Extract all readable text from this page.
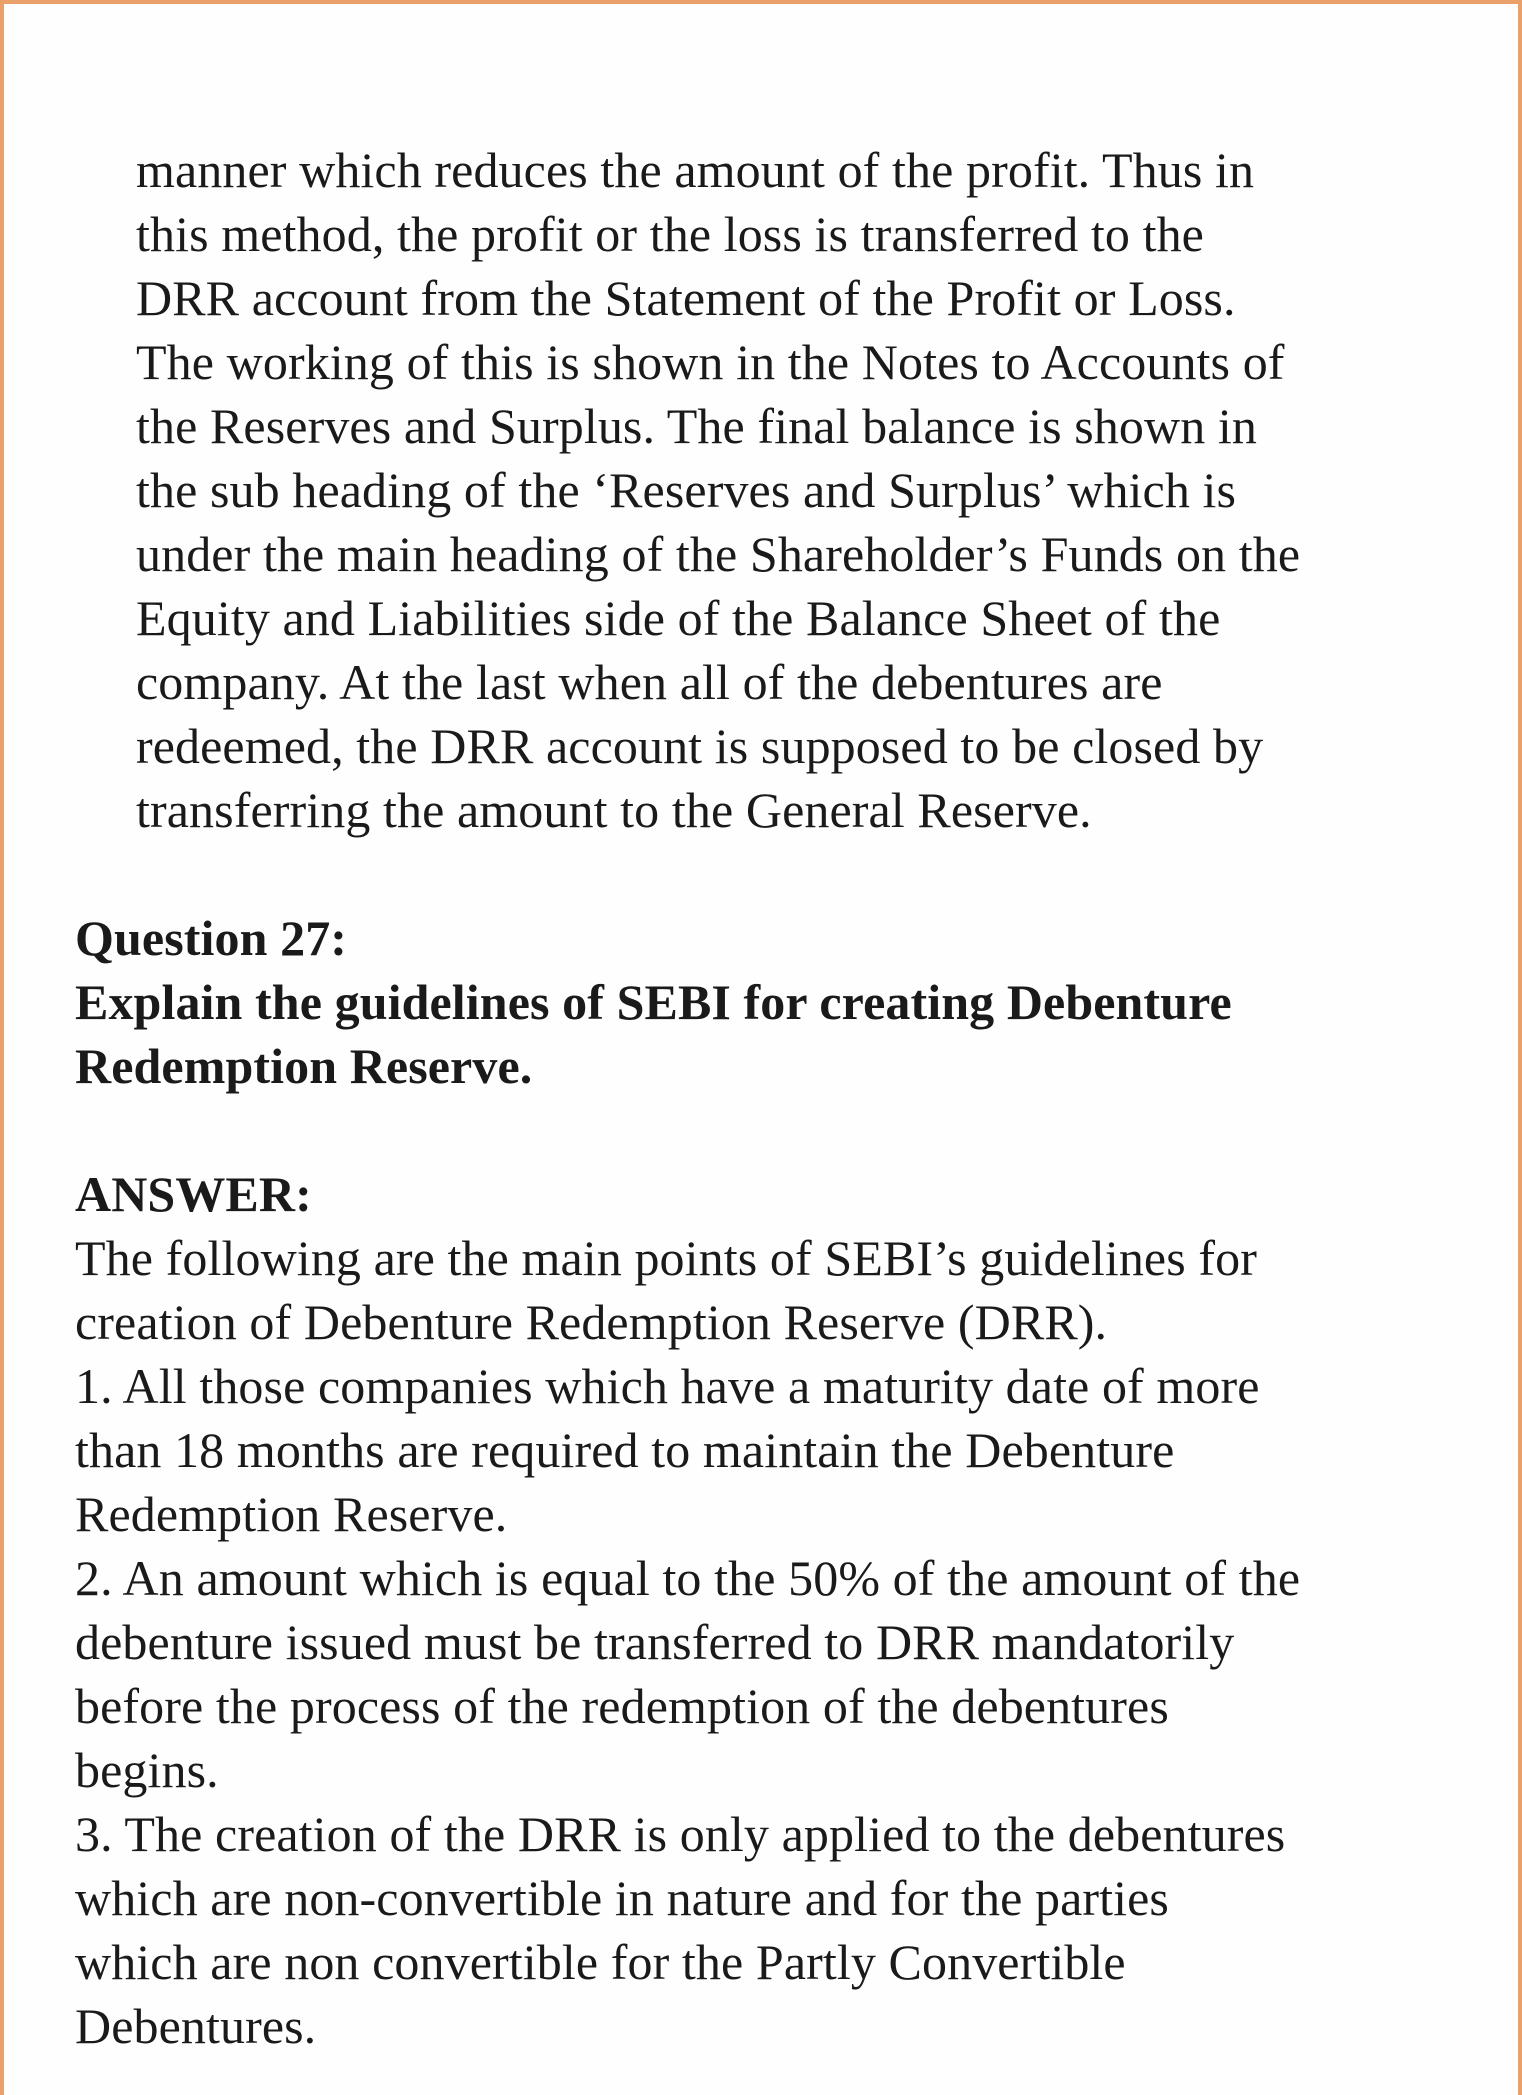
manner which reduces the amount of the profit. Thus in
this method, the profit or the loss is transferred to the
DRR account from the Statement of the Profit or Loss.
The working of this is shown in the Notes to Accounts of
the Reserves and Surplus. The final balance is shown in
the sub heading of the ‘Reserves and Surplus’ which is
under the main heading of the Shareholder’s Funds on the
Equity and Liabilities side of the Balance Sheet of the
company. At the last when all of the debentures are
redeemed, the DRR account is supposed to be closed by
transferring the amount to the General Reserve.
Question 27:
Explain the guidelines of SEBI for creating Debenture
Redemption Reserve.
ANSWER:
The following are the main points of SEBI’s guidelines for
creation of Debenture Redemption Reserve (DRR).
1. All those companies which have a maturity date of more
than 18 months are required to maintain the Debenture
Redemption Reserve.
2. An amount which is equal to the 50% of the amount of the
debenture issued must be transferred to DRR mandatorily
before the process of the redemption of the debentures
begins.
3. The creation of the DRR is only applied to the debentures
which are non-convertible in nature and for the parties
which are non convertible for the Partly Convertible
Debentures.
